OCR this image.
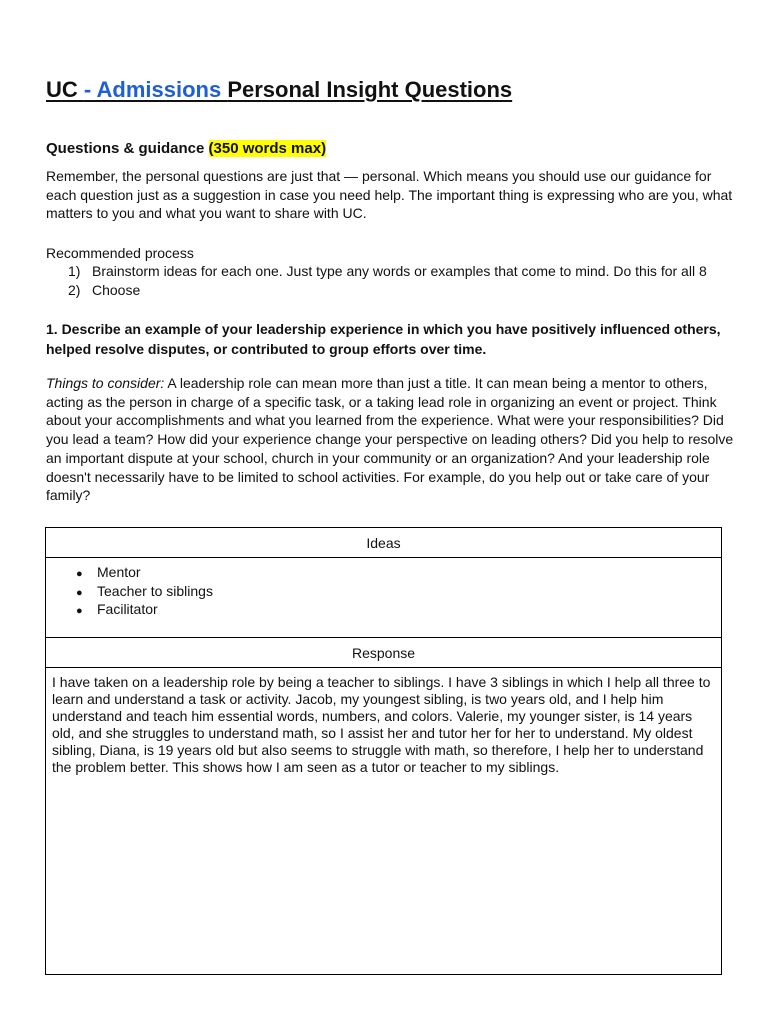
UC - Admissions Personal Insight Questions
Questions & guidance (350 words max)

Remember, the personal questions are just that — personal. Which means you should use our guidance for each question just as a suggestion in case you need help. The important thing is expressing who are you, what matters to you and what you want to share with UC.

Recommended process

1) Brainstorm ideas for each one. Just type any words or examples that come to mind. Do this for all 8
2) Choose

1. Describe an example of your leadership experience in which you have positively influenced others, helped resolve disputes, or contributed to group efforts over time.

Things to consider: A leadership role can mean more than just a title. It can mean being a mentor to others, acting as the person in charge of a specific task, or a taking lead role in organizing an event or project. Think about your accomplishments and what you learned from the experience. What were your responsibilities? Did you lead a team? How did your experience change your perspective on leading others? Did you help to resolve an important dispute at your school, church in your community or an organization? And your leadership role doesn't necessarily have to be limited to school activities. For example, do you help out or take care of your family?

Ideas
● Mentor
● Teacher to siblings
● Facilitator
Response
I have taken on a leadership role by being a teacher to siblings. I have 3 siblings in which I help all three to learn and understand a task or activity. Jacob, my youngest sibling, is two years old, and I help him understand and teach him essential words, numbers, and colors. Valerie, my younger sister, is 14 years old, and she struggles to understand math, so I assist her and tutor her for her to understand. My oldest sibling, Diana, is 19 years old but also seems to struggle with math, so therefore, I help her to understand the problem better. This shows how I am seen as a tutor or teacher to my siblings.
